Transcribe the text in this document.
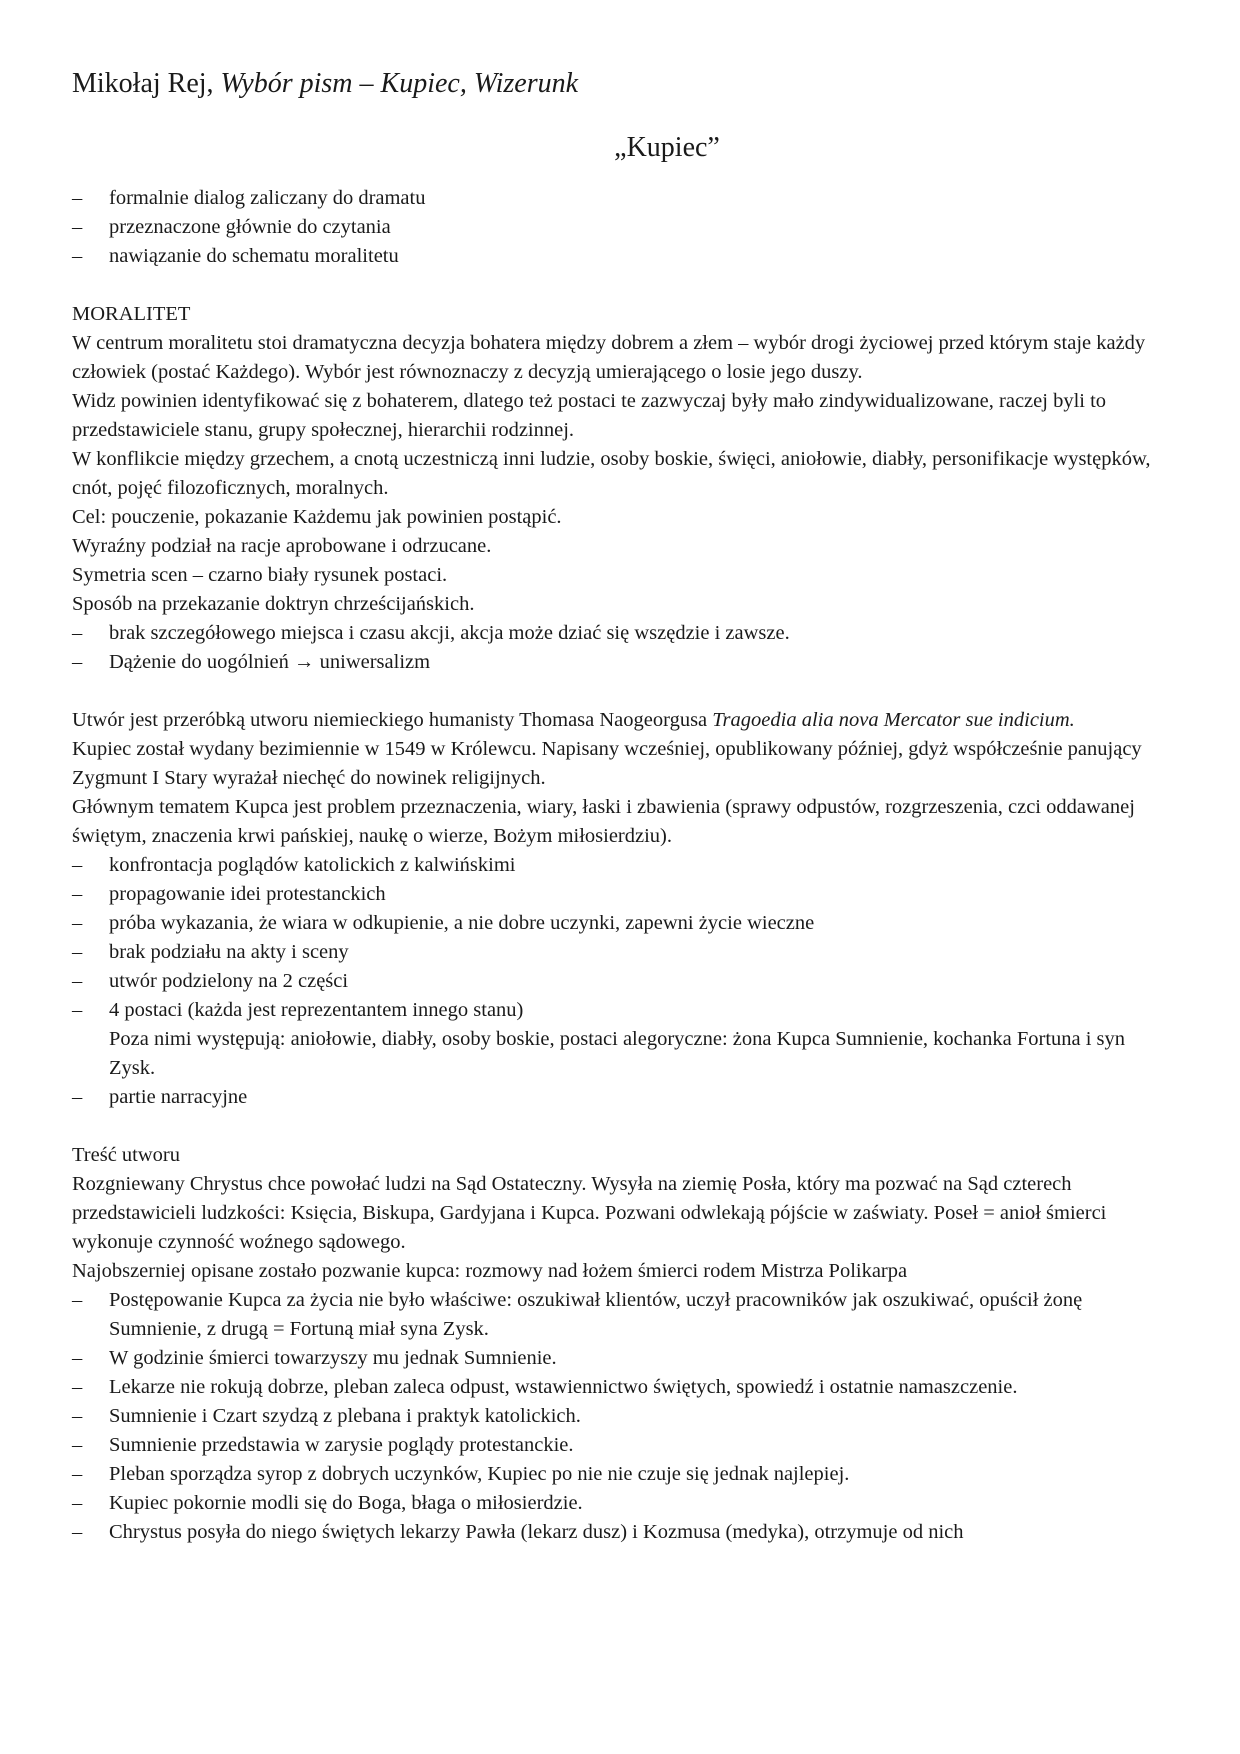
Mikołaj Rej, Wybór pism – Kupiec, Wizerunk
„Kupiec”
– formalnie dialog zaliczany do dramatu
– przeznaczone głównie do czytania
– nawiązanie do schematu moralitetu

MORALITET

W centrum moralitetu stoi dramatyczna decyzja bohatera między dobrem a złem – wybór drogi życiowej przed którym staje każdy człowiek (postać Każdego). Wybór jest równoznaczy z decyzją umierającego o losie jego duszy.

Widz powinien identyfikować się z bohaterem, dlatego też postaci te zazwyczaj były mało zindywidualizowane, raczej byli to przedstawiciele stanu, grupy społecznej, hierarchii rodzinnej.

W konflikcie między grzechem, a cnotą uczestniczą inni ludzie, osoby boskie, święci, aniołowie, diabły, personifikacje występków, cnót, pojęć filozoficznych, moralnych.

Cel: pouczenie, pokazanie Każdemu jak powinien postąpić.

Wyraźny podział na racje aprobowane i odrzucane.

Symetria scen – czarno biały rysunek postaci.

Sposób na przekazanie doktryn chrześcijańskich.

– brak szczegółowego miejsca i czasu akcji, akcja może dziać się wszędzie i zawsze.
– Dążenie do uogólnień → uniwersalizm

Utwór jest przeróbką utworu niemieckiego humanisty Thomasa Naogeorgusa Tragoedia alia nova Mercator sue indicium.

Kupiec został wydany bezimiennie w 1549 w Królewcu. Napisany wcześniej, opublikowany później, gdyż współcześnie panujący Zygmunt I Stary wyrażał niechęć do nowinek religijnych.

Głównym tematem Kupca jest problem przeznaczenia, wiary, łaski i zbawienia (sprawy odpustów, rozgrzeszenia, czci oddawanej świętym, znaczenia krwi pańskiej, naukę o wierze, Bożym miłosierdziu).

– konfrontacja poglądów katolickich z kalwińskimi
– propagowanie idei protestanckich
– próba wykazania, że wiara w odkupienie, a nie dobre uczynki, zapewni życie wieczne
– brak podziału na akty i sceny
– utwór podzielony na 2 części
– 4 postaci (każda jest reprezentantem innego stanu)

Poza nimi występują: aniołowie, diabły, osoby boskie, postaci alegoryczne: żona Kupca Sumnienie, kochanka Fortuna i syn Zysk.

– partie narracyjne

Treść utworu

Rozgniewany Chrystus chce powołać ludzi na Sąd Ostateczny. Wysyła na ziemię Posła, który ma pozwać na Sąd czterech przedstawicieli ludzkości: Księcia, Biskupa, Gardyjana i Kupca. Pozwani odwlekają pójście w zaświaty. Poseł = anioł śmierci wykonuje czynność woźnego sądowego.

Najobszerniej opisane zostało pozwanie kupca: rozmowy nad łożem śmierci rodem Mistrza Polikarpa

– Postępowanie Kupca za życia nie było właściwe: oszukiwał klientów, uczył pracowników jak oszukiwać, opuścił żonę Sumnienie, z drugą = Fortuną miał syna Zysk.
– W godzinie śmierci towarzyszy mu jednak Sumnienie.
– Lekarze nie rokują dobrze, pleban zaleca odpust, wstawiennictwo świętych, spowiedź i ostatnie namaszczenie.
– Sumnienie i Czart szydzą z plebana i praktyk katolickich.
– Sumnienie przedstawia w zarysie poglądy protestanckie.
– Pleban sporządza syrop z dobrych uczynków, Kupiec po nie nie czuje się jednak najlepiej.
– Kupiec pokornie modli się do Boga, błaga o miłosierdzie.
– Chrystus posyła do niego świętych lekarzy Pawła (lekarz dusz) i Kozmusa (medyka), otrzymuje od nich
